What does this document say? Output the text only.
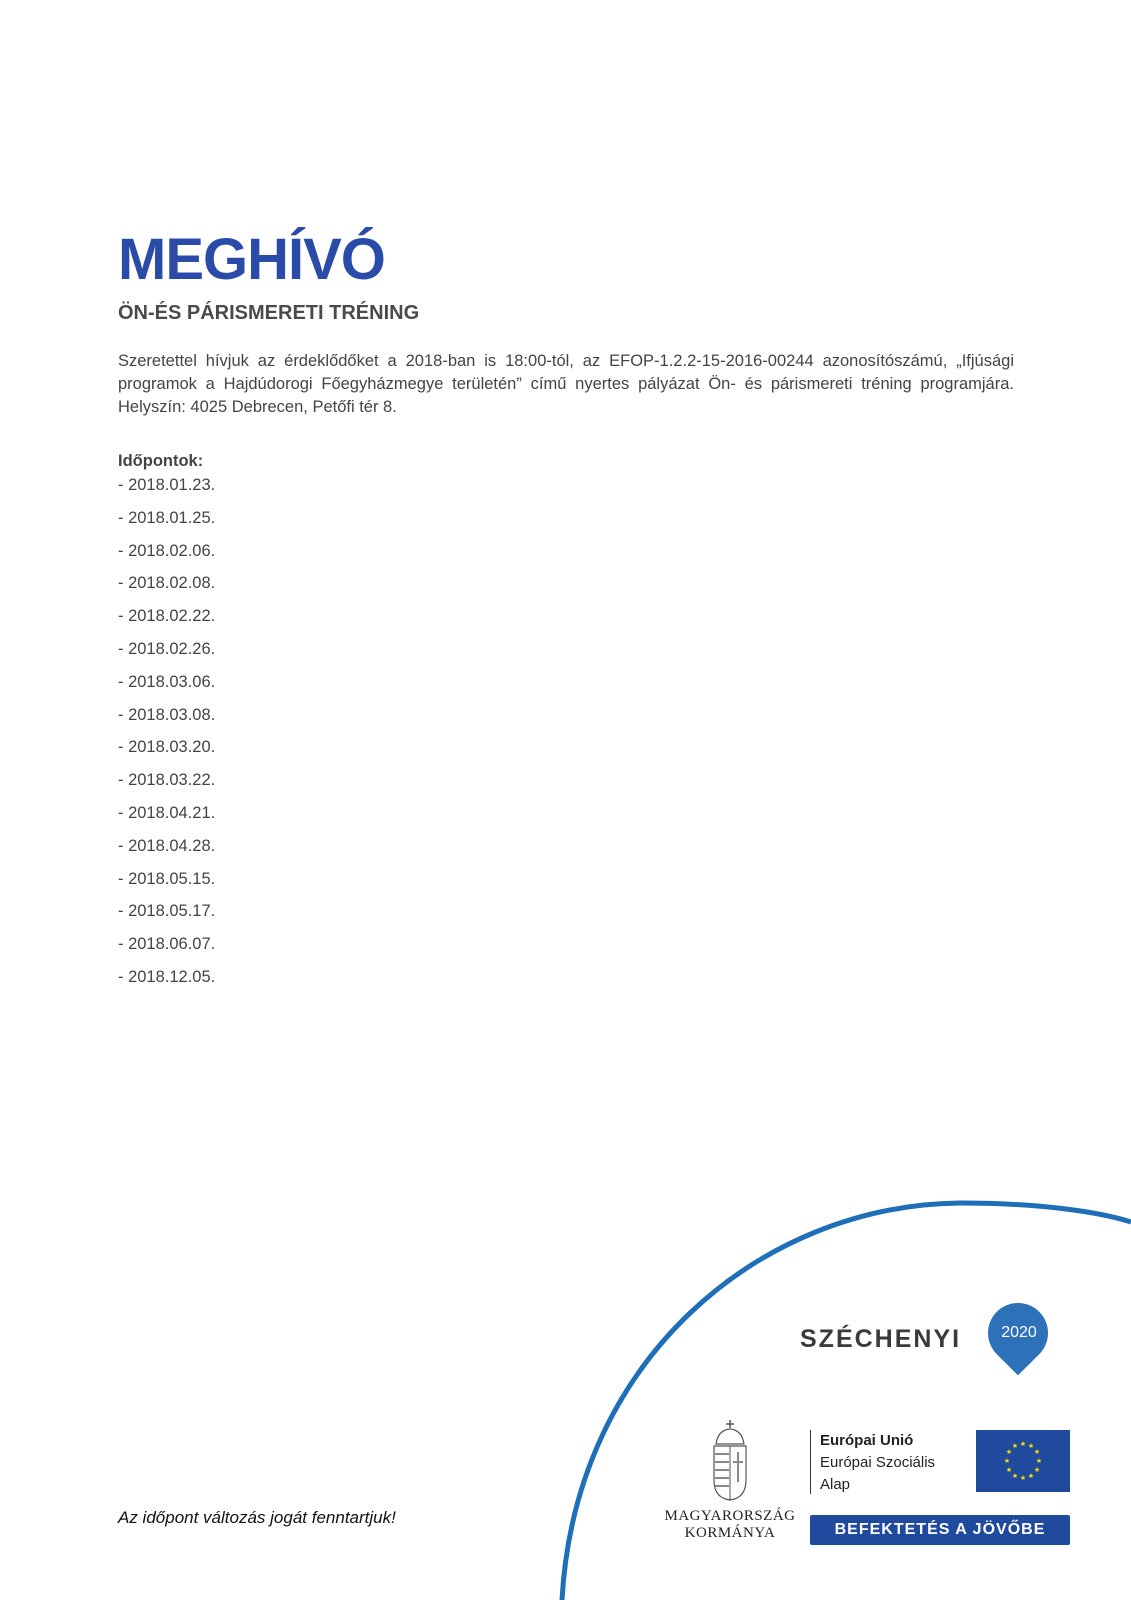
MEGHÍVÓ
ÖN-ÉS PÁRISMERETI TRÉNING

Szeretettel hívjuk az érdeklődőket a 2018-ban is 18:00-tól, az EFOP-1.2.2-15-2016-00244 azonosítószámú, „Ifjúsági programok a Hajdúdorogi Főegyházmegye területén” című nyertes pályázat Ön- és párismereti tréning programjára. Helyszín: 4025 Debrecen, Petőfi tér 8.

Időpontok:
- 2018.01.23.
- 2018.01.25.
- 2018.02.06.
- 2018.02.08.
- 2018.02.22.
- 2018.02.26.
- 2018.03.06.
- 2018.03.08.
- 2018.03.20.
- 2018.03.22.
- 2018.04.21.
- 2018.04.28.
- 2018.05.15.
- 2018.05.17.
- 2018.06.07.
- 2018.12.05.
Az időpont változás jogát fenntartjuk!
SZÉCHENYI	2020
MAGYARORSZÁG
KORMÁNYA
Európai Unió
Európai Szociális
Alap
★ ★
★
★
★
★
★
★
★
★
★
★
BEFEKTETÉS A JÖVŐBE
